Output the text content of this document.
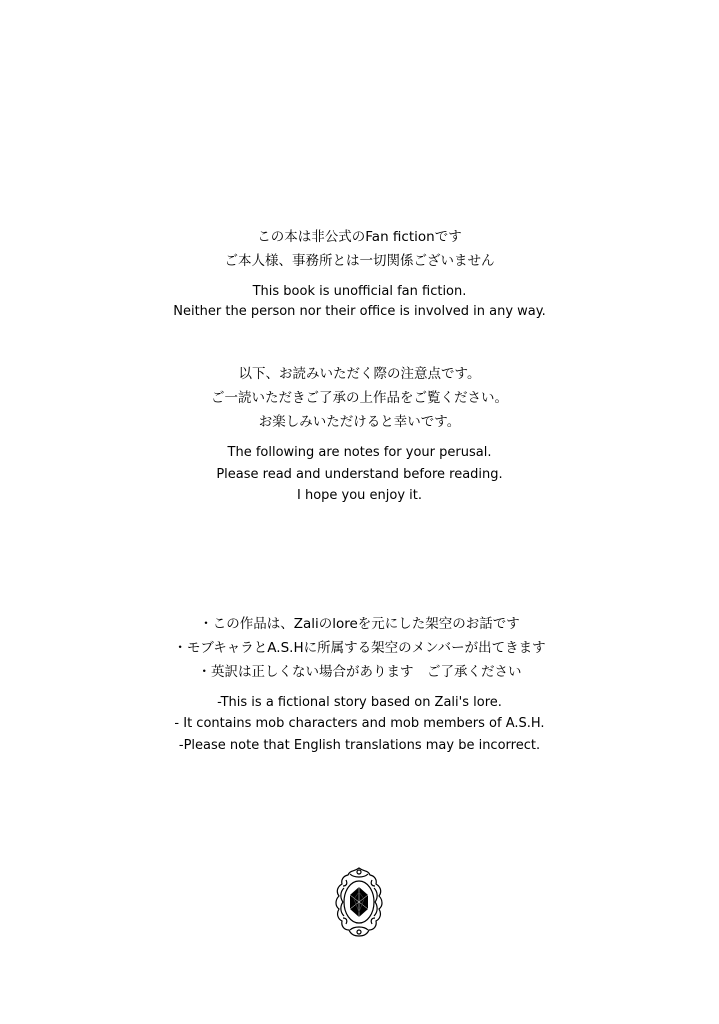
この本は非公式のFan fictionです
ご本人様、事務所とは一切関係ございません
This book is unofficial fan fiction.
Neither the person nor their office is involved in any way.
以下、お読みいただく際の注意点です。
ご一読いただきご了承の上作品をご覧ください。
お楽しみいただけると幸いです。
The following are notes for your perusal.
Please read and understand before reading.
I hope you enjoy it.
・この作品は、Zaliのloreを元にした架空のお話です
・モブキャラとA.S.Hに所属する架空のメンバーが出てきます
・英訳は正しくない場合があります　ご了承ください
-This is a fictional story based on Zali's lore.
- It contains mob characters and mob members of A.S.H.
-Please note that English translations may be incorrect.
